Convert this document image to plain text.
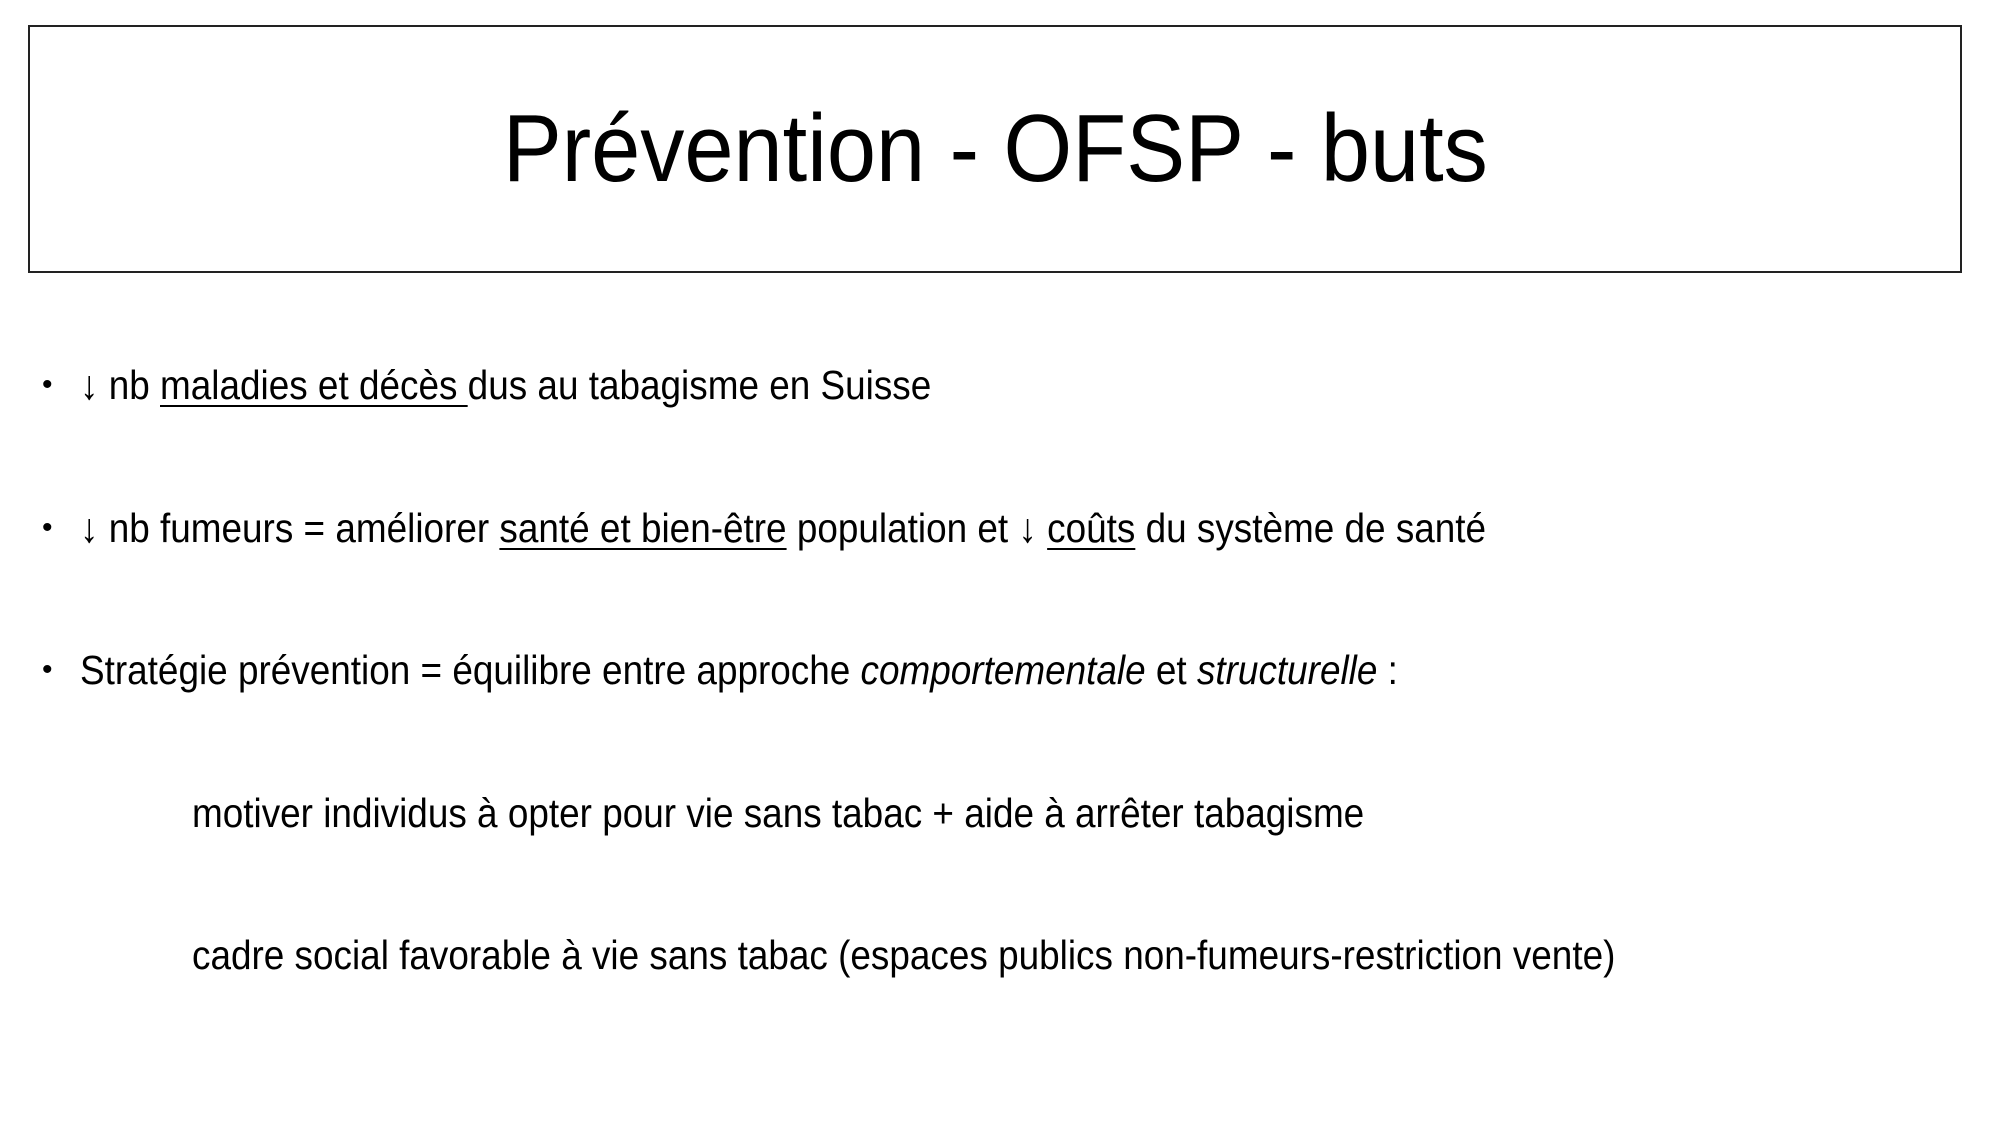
Prévention - OFSP - buts
• ↓ nb maladies et décès dus au tabagisme en Suisse
• ↓ nb fumeurs = améliorer santé et bien-être population et ↓ coûts du système de santé
• Stratégie prévention = équilibre entre approche comportementale et structurelle :
motiver individus à opter pour vie sans tabac + aide à arrêter tabagisme
cadre social favorable à vie sans tabac (espaces publics non-fumeurs-restriction vente)
